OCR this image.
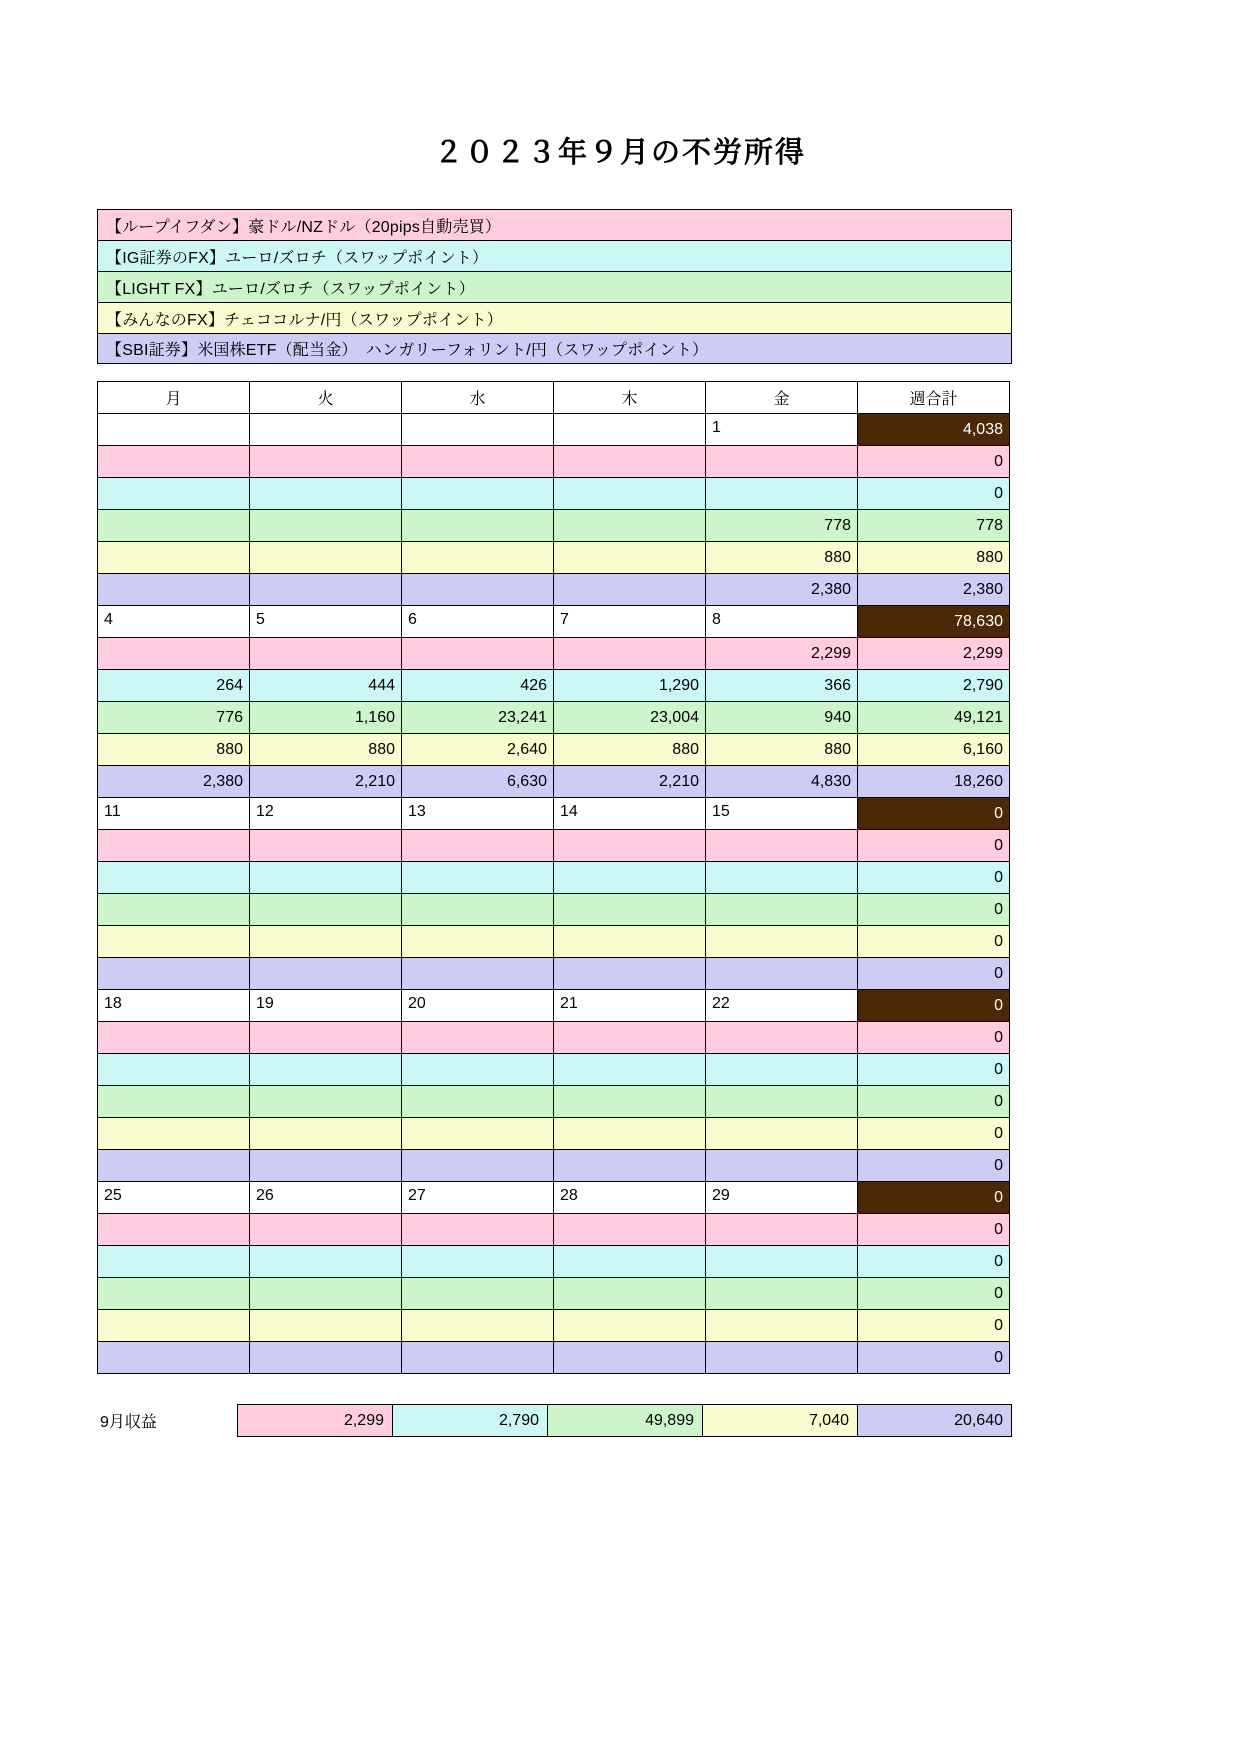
２０２３年９月の不労所得
【ループイフダン】豪ドル/NZドル（20pips自動売買）
【IG証券のFX】ユーロ/ズロチ（スワップポイント）
【LIGHT FX】ユーロ/ズロチ（スワップポイント）
【みんなのFX】チェココルナ/円（スワップポイント）
【SBI証券】米国株ETF（配当金）　ハンガリーフォリント/円（スワップポイント）
月	火	水	木	金	週合計
				1	4,038
					0
					0
				778	778
				880	880
				2,380	2,380
4	5	6	7	8	78,630
				2,299	2,299
264	444	426	1,290	366	2,790
776	1,160	23,241	23,004	940	49,121
880	880	2,640	880	880	6,160
2,380	2,210	6,630	2,210	4,830	18,260
11	12	13	14	15	0
					0
					0
					0
					0
					0
18	19	20	21	22	0
					0
					0
					0
					0
					0
25	26	27	28	29	0
					0
					0
					0
					0
					0
9月収益	2,299	2,790	49,899	7,040	20,640
